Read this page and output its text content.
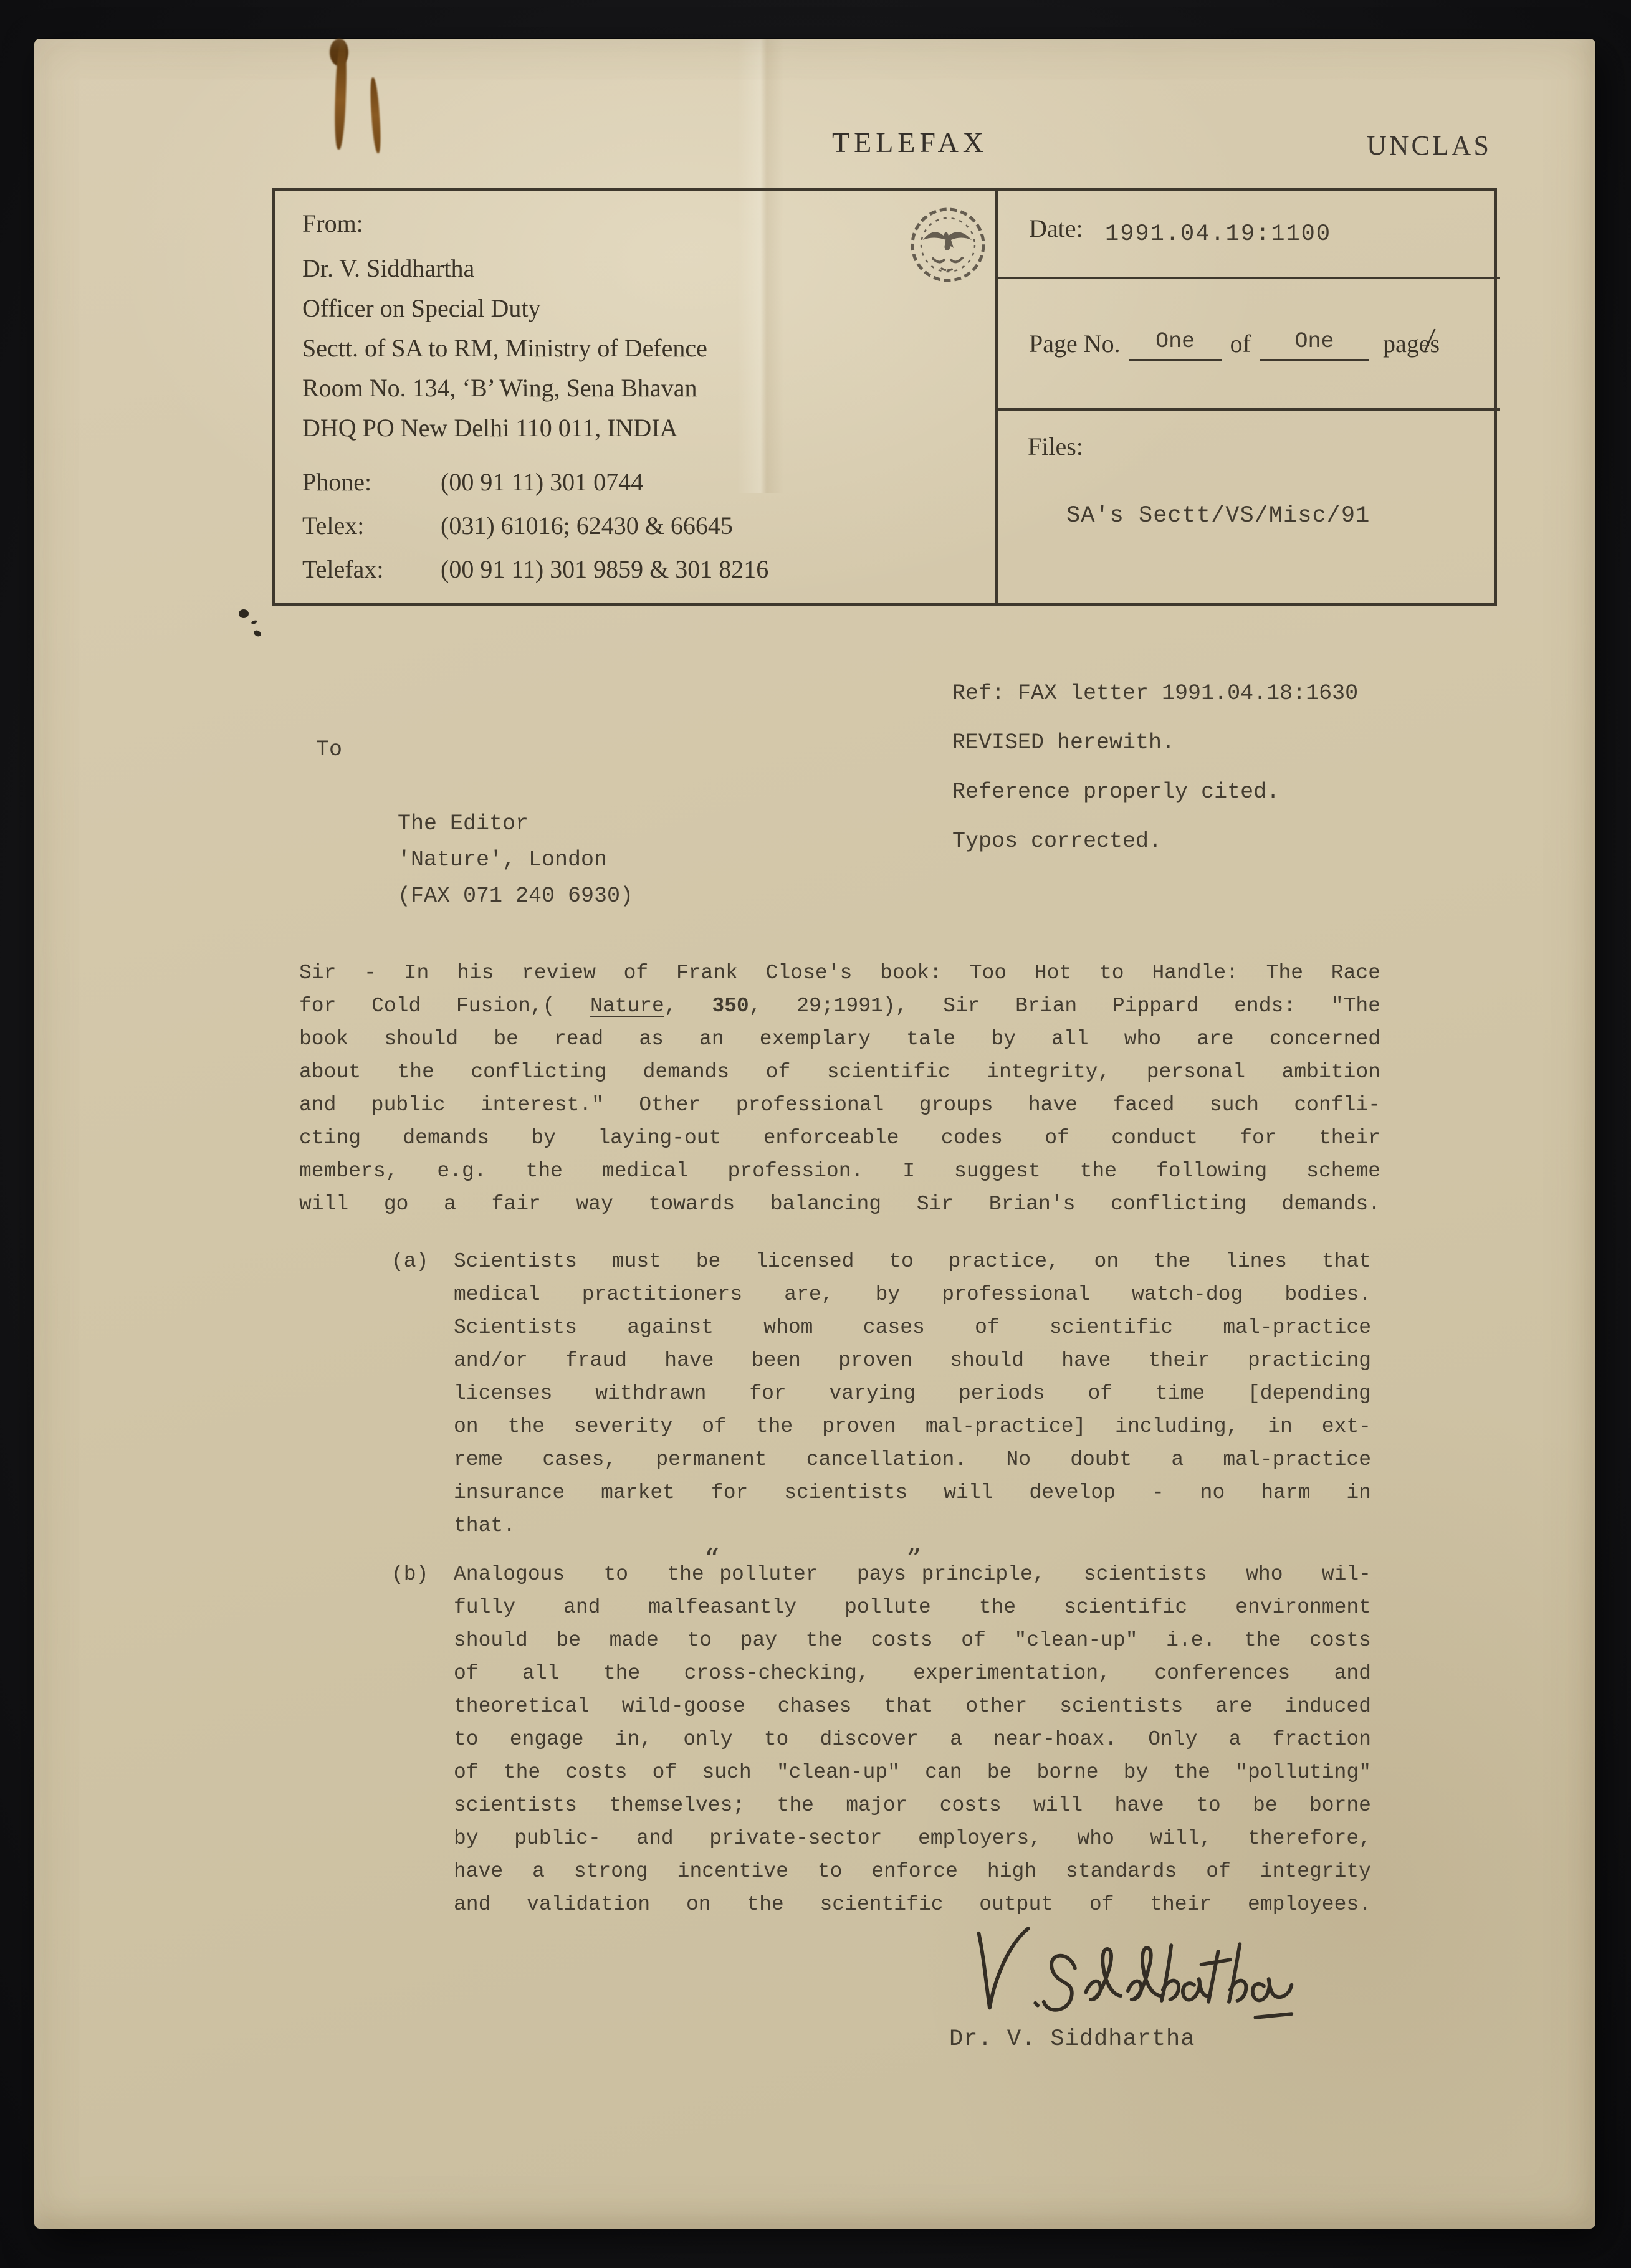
TELEFAX	UNCLAS
From:
Dr. V. Siddhartha
Officer on Special Duty
Sectt. of SA to RM, Ministry of Defence
Room No. 134, ‘B’ Wing, Sena Bhavan
DHQ PO New Delhi 110 011, INDIA
Phone:	(00 91 11) 301 0744
Telex:	(031) 61016; 62430 & 66645
Telefax: (00 91 11) 301 9859 & 301 8216
Date: 1991.04.19:1100
Page No. One of One pages /
Files:
SA's Sectt/VS/Misc/91
Ref: FAX letter 1991.04.18:1630
REVISED herewith.
Reference properly cited.
Typos corrected.
To
The Editor
'Nature', London
(FAX 071 240 6930)
Sir - In his review of Frank Close's book: Too Hot to Handle: The Race
for Cold Fusion,( Nature, 350, 29;1991), Sir Brian Pippard ends: "The
book should be read as an exemplary tale by all who are concerned
about the conflicting demands of scientific integrity, personal ambition
and public interest." Other professional groups have faced such confli-
cting demands by laying-out enforceable codes of conduct for their
members, e.g. the medical profession. I suggest the following scheme
will go a fair way towards balancing Sir Brian's conflicting demands.
(a)	Scientists must be licensed to practice, on the lines that
medical practitioners are, by professional watch-dog bodies.
Scientists against whom cases of scientific mal-practice
and/or fraud have been proven should have their practicing
licenses withdrawn for varying periods of time [depending
on the severity of the proven mal-practice] including, in ext-
reme cases, permanent cancellation. No doubt a mal-practice
insurance market for scientists will develop - no harm in
that.
(b)	Analogous to the“polluter pays”principle, scientists who wil-
fully and malfeasantly pollute the scientific environment
should be made to pay the costs of "clean-up" i.e. the costs
of all the cross-checking, experimentation, conferences and
theoretical wild-goose chases that other scientists are induced
to engage in, only to discover a near-hoax. Only a fraction
of the costs of such "clean-up" can be borne by the "polluting"
scientists themselves; the major costs will have to be borne
by public- and private-sector employers, who will, therefore,
have a strong incentive to enforce high standards of integrity
and validation on the scientific output of their employees.
Dr. V. Siddhartha
